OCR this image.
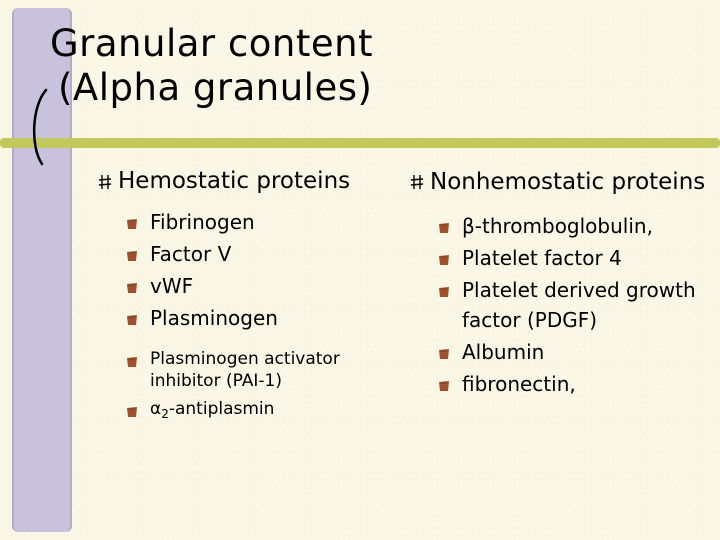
Granular content
(Alpha granules)
Hemostatic proteins
Fibrinogen
Factor V
vWF
Plasminogen
Plasminogen activator inhibitor (PAI-1)
$\alpha_2$-antiplasmin
Nonhemostatic proteins
β-thromboglobulin,
Platelet factor 4
Platelet derived growth factor (PDGF)
Albumin
fibronectin,
